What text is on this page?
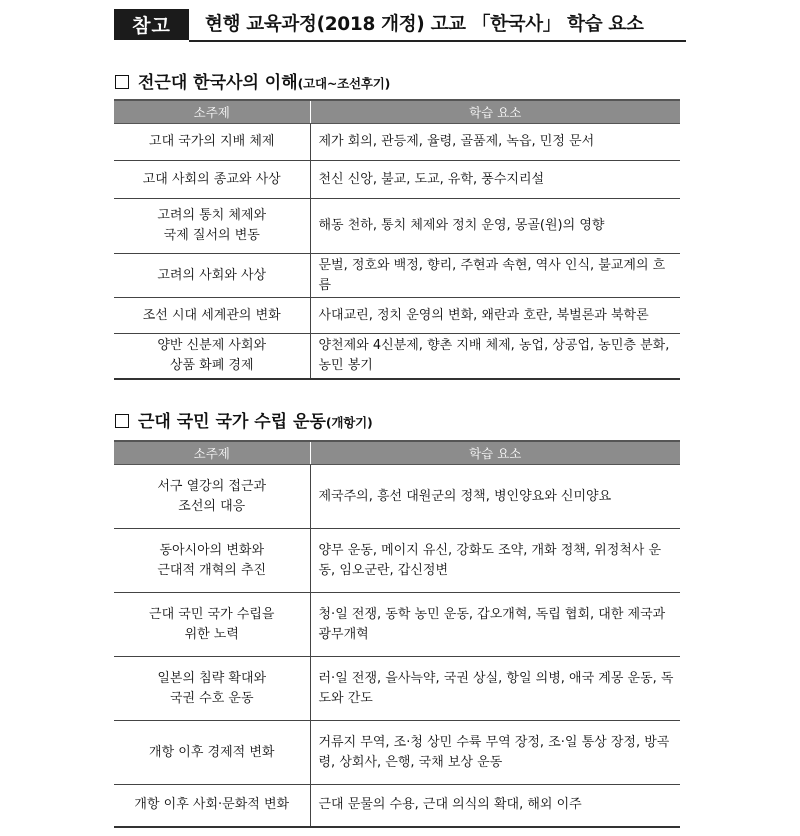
참고	현행 교육과정(2018 개정) 고교 「한국사」 학습 요소
전근대 한국사의 이해 (고대~조선후기)
소주제	학습 요소
고대 국가의 지배 체제	제가 회의, 관등제, 율령, 골품제, 녹읍, 민정 문서
고대 사회의 종교와 사상	천신 신앙, 불교, 도교, 유학, 풍수지리설
고려의 통치 체제와
국제 질서의 변동	해동 천하, 통치 체제와 정치 운영, 몽골(원)의 영향
고려의 사회와 사상	문벌, 정호와 백정, 향리, 주현과 속현, 역사 인식, 불교계의 흐름
조선 시대 세계관의 변화	사대교린, 정치 운영의 변화, 왜란과 호란, 북벌론과 북학론
양반 신분제 사회와
상품 화폐 경제	양천제와 4신분제, 향촌 지배 체제, 농업, 상공업, 농민층 분화, 농민 봉기
근대 국민 국가 수립 운동 (개항기)
소주제	학습 요소
서구 열강의 접근과
조선의 대응	제국주의, 흥선 대원군의 정책, 병인양요와 신미양요
동아시아의 변화와
근대적 개혁의 추진	양무 운동, 메이지 유신, 강화도 조약, 개화 정책, 위정척사 운동, 임오군란, 갑신정변
근대 국민 국가 수립을
위한 노력	청·일 전쟁, 동학 농민 운동, 갑오개혁, 독립 협회, 대한 제국과 광무개혁
일본의 침략 확대와
국권 수호 운동	러·일 전쟁, 을사늑약, 국권 상실, 항일 의병, 애국 계몽 운동, 독도와 간도
개항 이후 경제적 변화	거류지 무역, 조·청 상민 수륙 무역 장정, 조·일 통상 장정, 방곡령, 상회사, 은행, 국채 보상 운동
개항 이후 사회·문화적 변화	근대 문물의 수용, 근대 의식의 확대, 해외 이주
